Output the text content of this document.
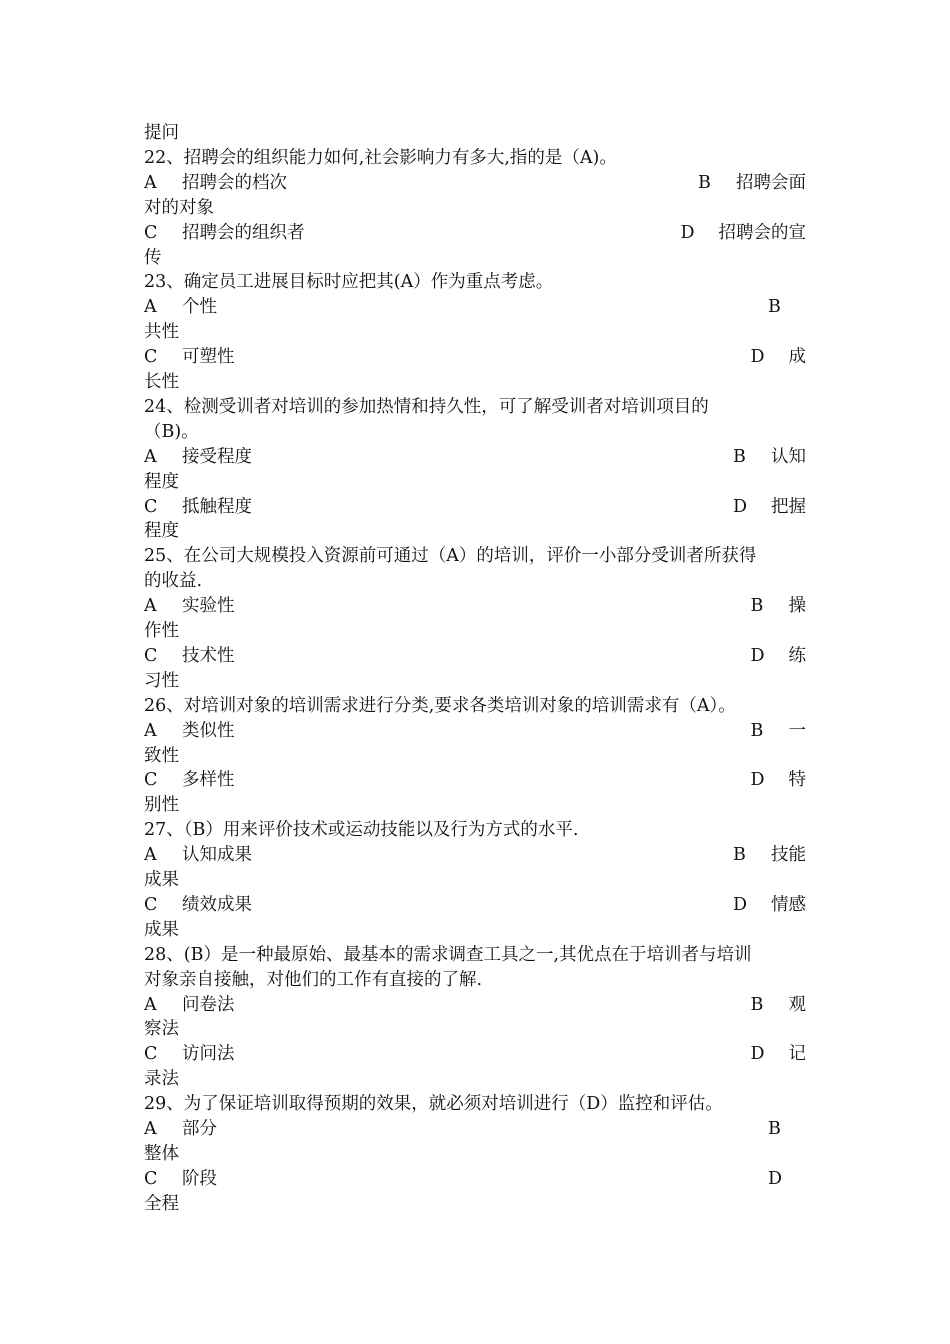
提问
22、招聘会的组织能力如何,社会影响力有多大,指的是（A)。
A 招聘会的档次	B 招聘会面
对的对象
C 招聘会的组织者	D 招聘会的宣
传
23、确定员工进展目标时应把其(A）作为重点考虑。
A 个性	B
共性
C 可塑性	D 成
长性
24、检测受训者对培训的参加热情和持久性，可了解受训者对培训项目的
（B)。
A 接受程度	B 认知
程度
C 抵触程度	D 把握
程度
25、在公司大规模投入资源前可通过（A）的培训，评价一小部分受训者所获得
的收益.
A 实验性	B 操
作性
C 技术性	D 练
习性
26、对培训对象的培训需求进行分类,要求各类培训对象的培训需求有（A）。
A 类似性	B 一
致性
C 多样性	D 特
别性
27、（B）用来评价技术或运动技能以及行为方式的水平.
A 认知成果	B 技能
成果
C 绩效成果	D 情感
成果
28、(B）是一种最原始、最基本的需求调查工具之一,其优点在于培训者与培训
对象亲自接触，对他们的工作有直接的了解.
A 问卷法	B 观
察法
C 访问法	D 记
录法
29、为了保证培训取得预期的效果，就必须对培训进行（D）监控和评估。
A 部分	B
整体
C 阶段	D
全程
